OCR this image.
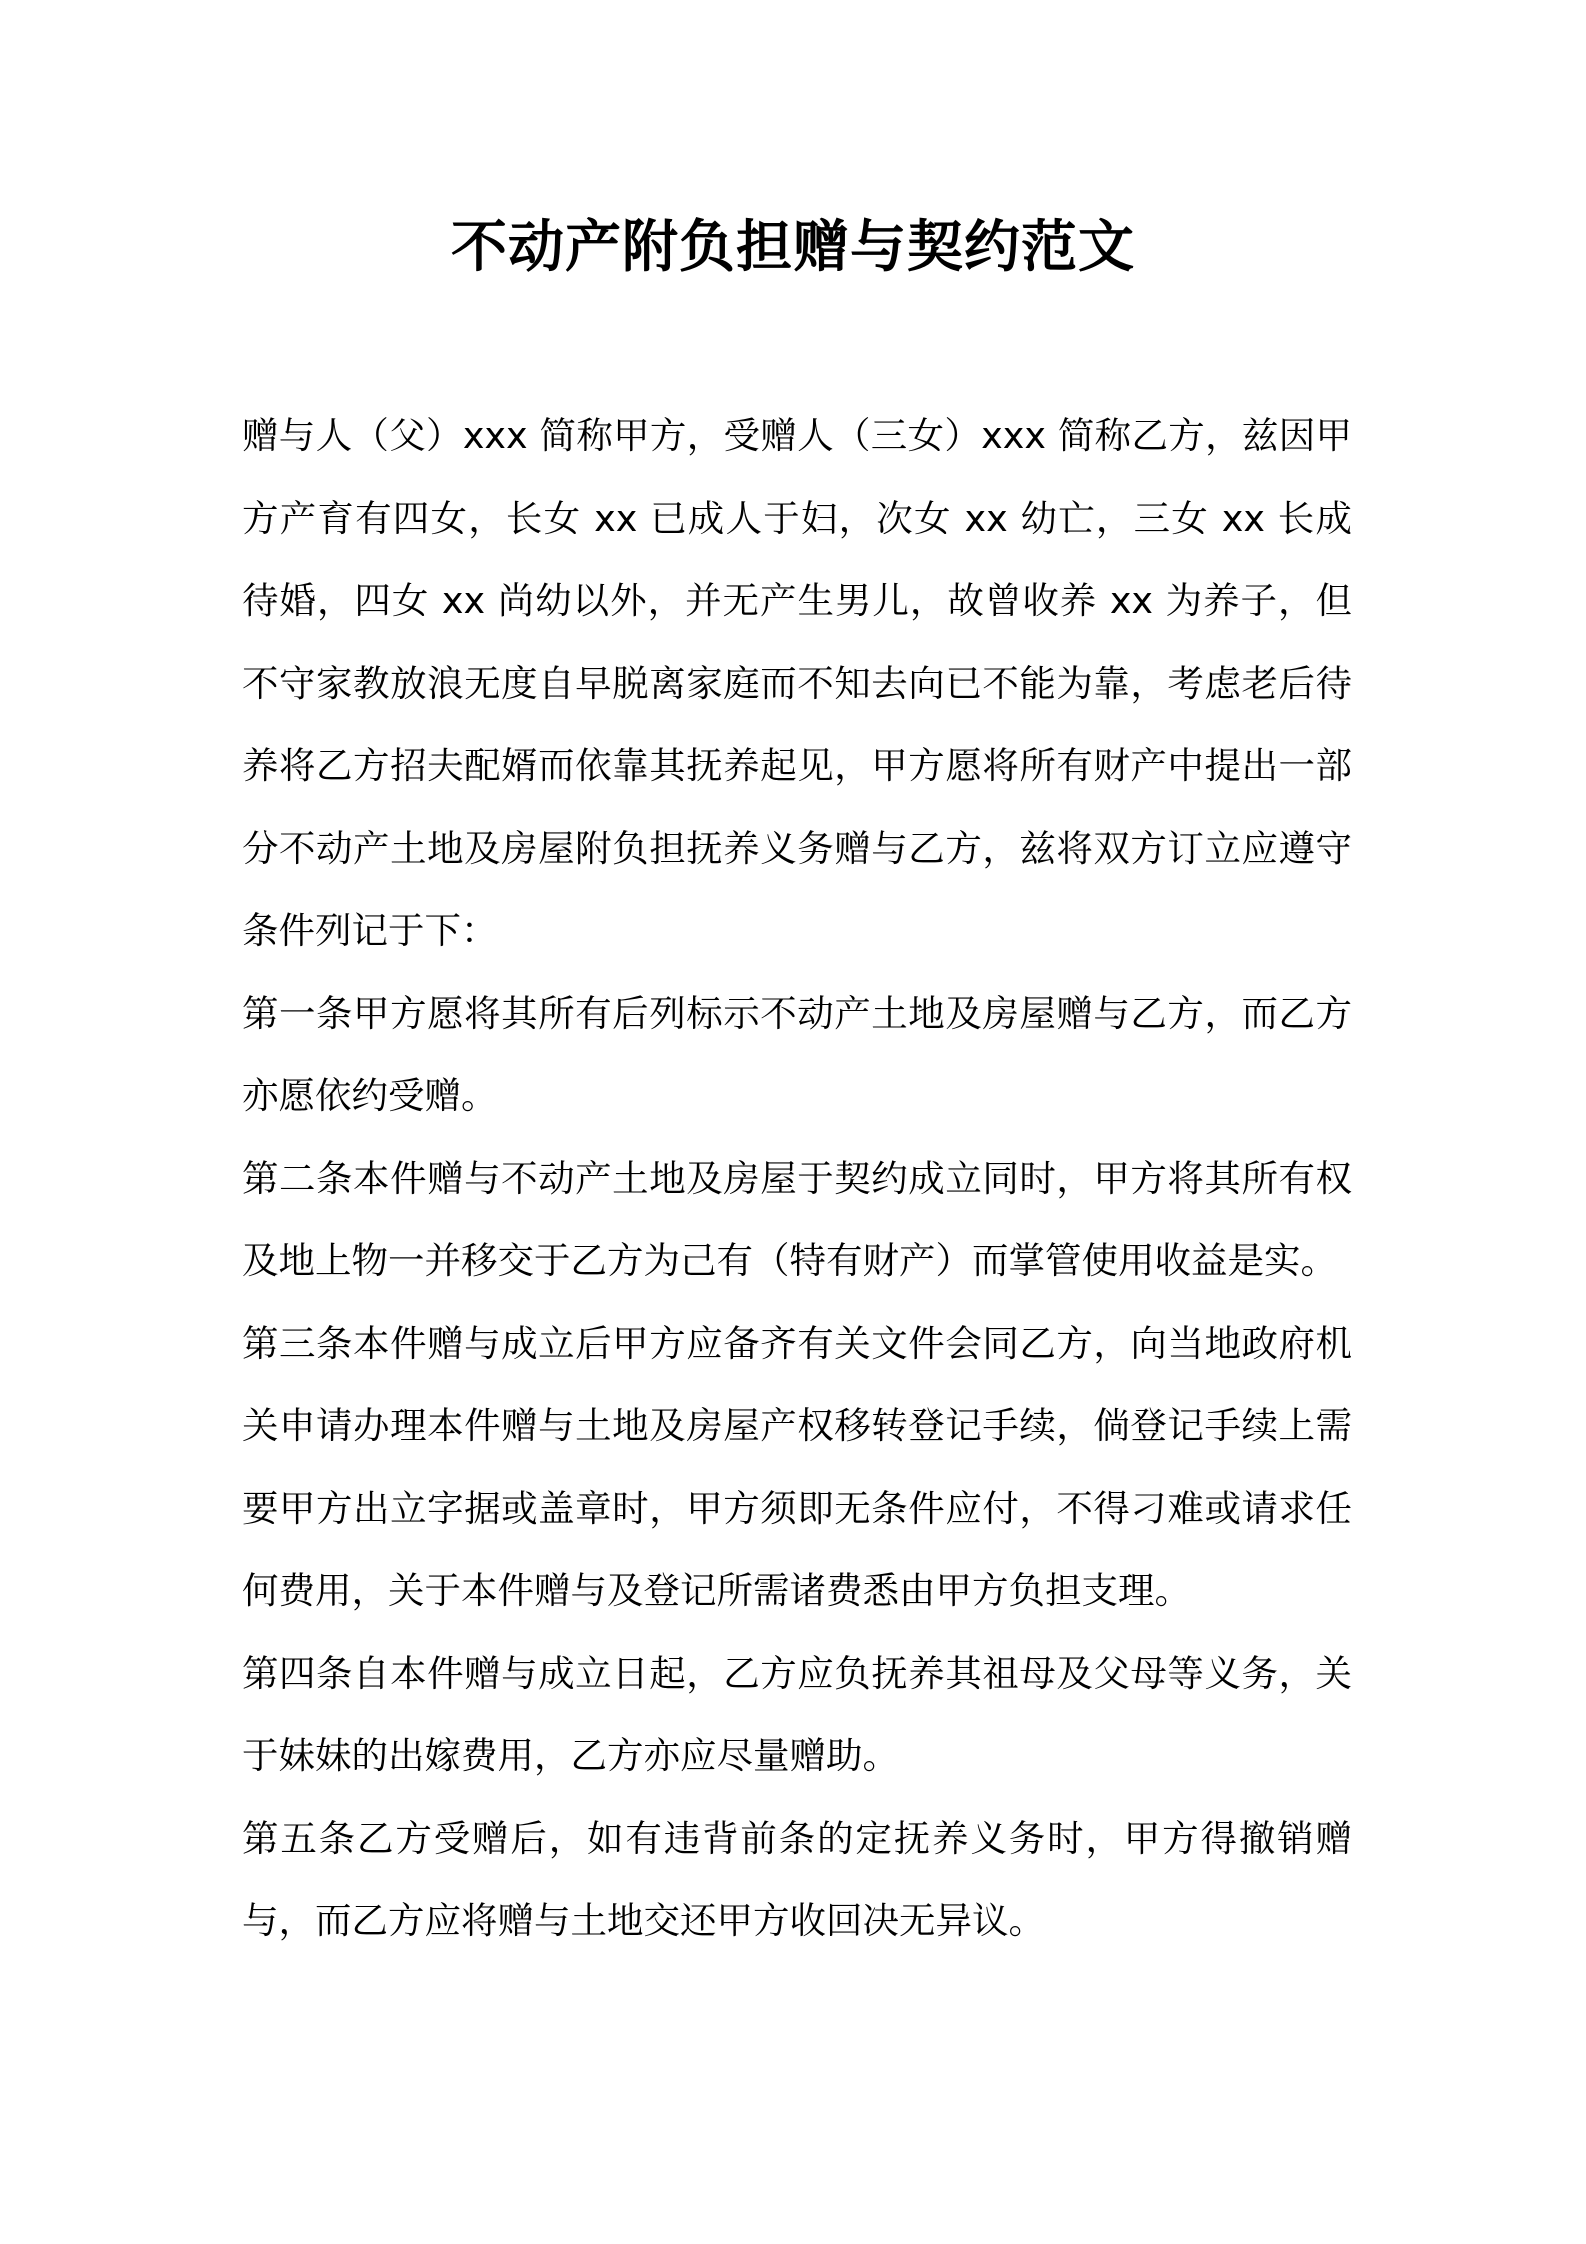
不动产附负担赠与契约范文

赠与人（父）xxx 简称甲方，受赠人（三女）xxx 简称乙方，兹因甲方产育有四女，长女 xx 已成人于妇，次女 xx 幼亡，三女 xx 长成待婚，四女 xx 尚幼以外，并无产生男儿，故曾收养 xx 为养子，但不守家教放浪无度自早脱离家庭而不知去向已不能为靠，考虑老后待养将乙方招夫配婿而依靠其抚养起见，甲方愿将所有财产中提出一部分不动产土地及房屋附负担抚养义务赠与乙方，兹将双方订立应遵守条件列记于下：

第一条甲方愿将其所有后列标示不动产土地及房屋赠与乙方，而乙方亦愿依约受赠。

第二条本件赠与不动产土地及房屋于契约成立同时，甲方将其所有权及地上物一并移交于乙方为己有（特有财产）而掌管使用收益是实。

第三条本件赠与成立后甲方应备齐有关文件会同乙方，向当地政府机关申请办理本件赠与土地及房屋产权移转登记手续，倘登记手续上需要甲方出立字据或盖章时，甲方须即无条件应付，不得刁难或请求任何费用，关于本件赠与及登记所需诸费悉由甲方负担支理。

第四条自本件赠与成立日起，乙方应负抚养其祖母及父母等义务，关于妹妹的出嫁费用，乙方亦应尽量赠助。

第五条乙方受赠后，如有违背前条的定抚养义务时，甲方得撤销赠与，而乙方应将赠与土地交还甲方收回决无异议。
